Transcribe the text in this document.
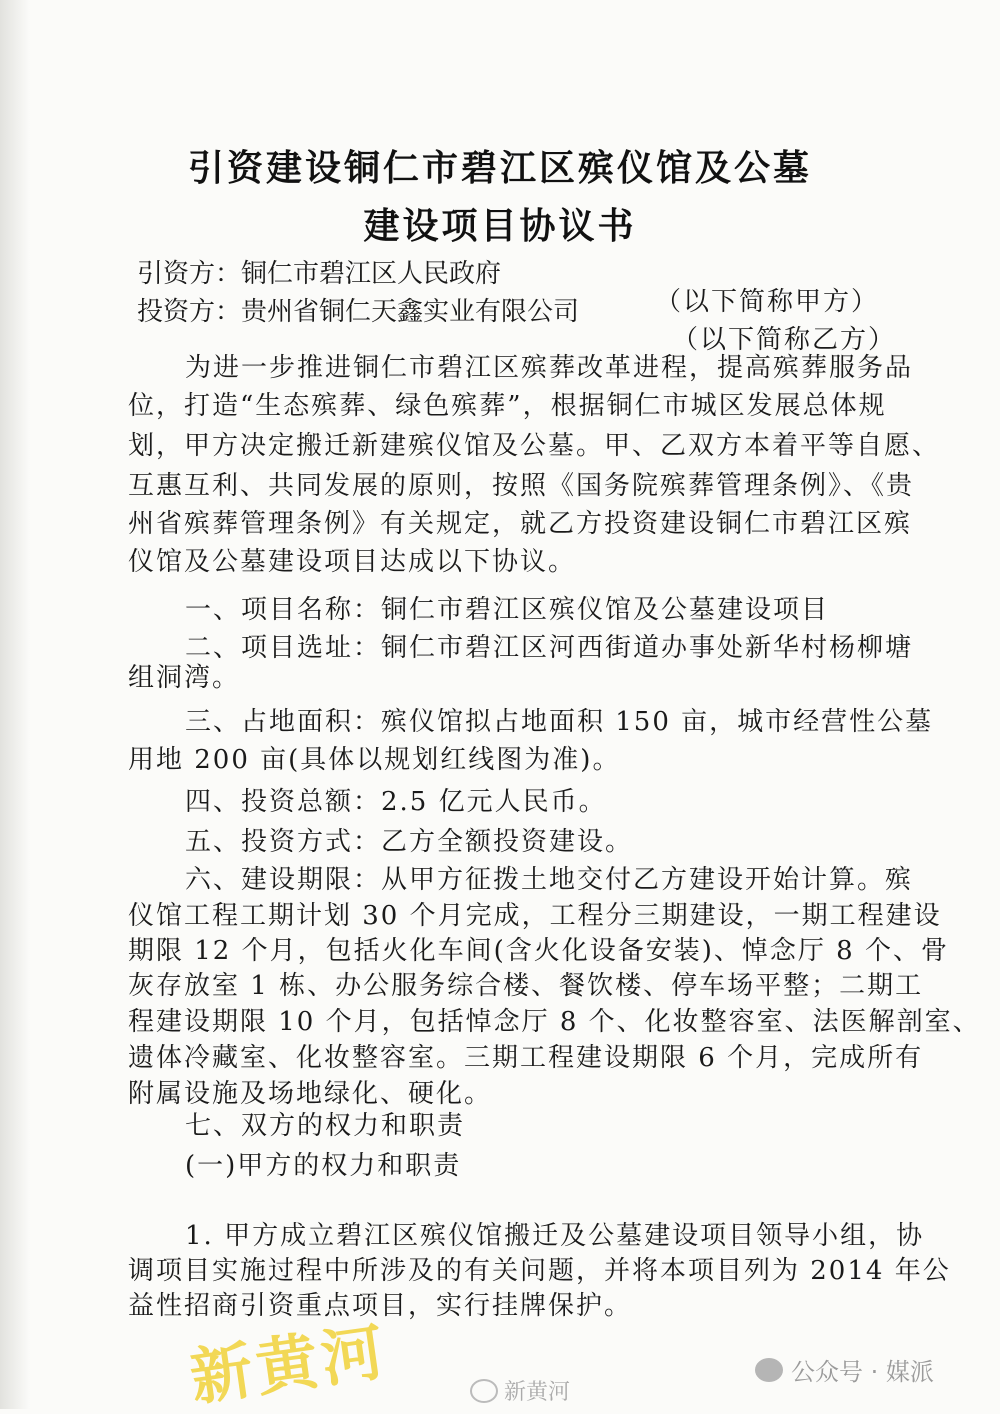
引资建设铜仁市碧江区殡仪馆及公墓
建设项目协议书
引资方：铜仁市碧江区人民政府
投资方：贵州省铜仁天鑫实业有限公司	（以下简称甲方）
（以下简称乙方）
为进一步推进铜仁市碧江区殡葬改革进程，提高殡葬服务品
位，打造“生态殡葬、绿色殡葬”，根据铜仁市城区发展总体规
划，甲方决定搬迁新建殡仪馆及公墓。甲、乙双方本着平等自愿、
互惠互利、共同发展的原则，按照《国务院殡葬管理条例》、《贵
州省殡葬管理条例》有关规定，就乙方投资建设铜仁市碧江区殡
仪馆及公墓建设项目达成以下协议。
一、项目名称：铜仁市碧江区殡仪馆及公墓建设项目
二、项目选址：铜仁市碧江区河西街道办事处新华村杨柳塘
组洞湾。
三、占地面积：殡仪馆拟占地面积 150 亩，城市经营性公墓
用地 200 亩(具体以规划红线图为准)。
四、投资总额：2.5 亿元人民币。
五、投资方式：乙方全额投资建设。
六、建设期限：从甲方征拨土地交付乙方建设开始计算。殡
仪馆工程工期计划 30 个月完成，工程分三期建设，一期工程建设
期限 12 个月，包括火化车间(含火化设备安装)、悼念厅 8 个、骨
灰存放室 1 栋、办公服务综合楼、餐饮楼、停车场平整；二期工
程建设期限 10 个月，包括悼念厅 8 个、化妆整容室、法医解剖室、
遗体冷藏室、化妆整容室。三期工程建设期限 6 个月，完成所有
附属设施及场地绿化、硬化。
七、双方的权力和职责
(一)甲方的权力和职责
1. 甲方成立碧江区殡仪馆搬迁及公墓建设项目领导小组，协
调项目实施过程中所涉及的有关问题，并将本项目列为 2014 年公
益性招商引资重点项目，实行挂牌保护。
新黄河	新黄河
公众号 · 媒派
